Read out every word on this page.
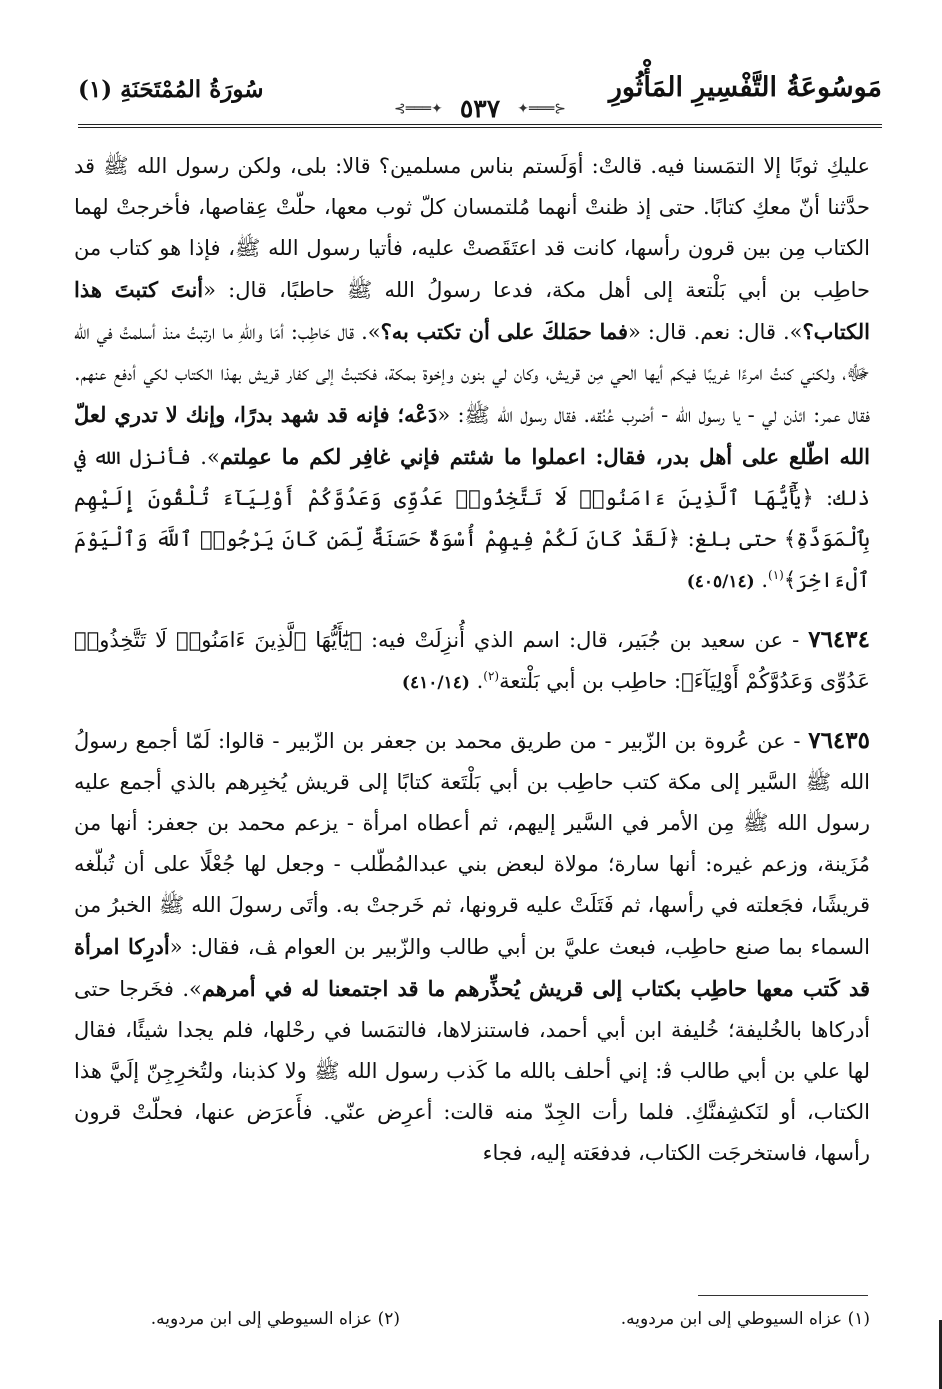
مَوسُوعَةُ التَّفْسِيرِ المَأْثُورِ
⊰═══✦ ٥٣٧ ✦═══⊱
سُورَةُ المُمْتَحَنَةِ (١)

عليكِ ثوبًا إلا التمَسنا فيه. قالتْ: أوَلَستم بناس مسلمين؟ قالا: بلى، ولكن رسول الله ﷺ قد حدَّثنا أنّ معكِ كتابًا. حتى إذ ظنتْ أنهما مُلتمسان كلّ ثوب معها، حلّتْ عِقاصها، فأخرجتْ لهما الكتاب مِن بين قرون رأسها، كانت قد اعتَقَصتْ عليه، فأتيا رسول الله ﷺ، فإذا هو كتاب من حاطِب بن أبي بَلْتعة إلى أهل مكة، فدعا رسولُ الله ﷺ حاطبًا، قال: «أنتَ كتبتَ هذا الكتاب؟». قال: نعم. قال: «فما حمَلكَ على أن تكتب به؟». قال حَاطِب: أمَا واللهِ ما ارتبتُ منذ أسلمتُ في الله ﷻ، ولكني كنتُ امرءًا غريبًا فيكم أيها الحي مِن قريش، وكان لي بنون وإخوة بمكة، فكتبتُ إلى كفار قريش بهذا الكتاب لكي أدفع عنهم. فقال عمر: ائذن لي - يا رسول الله - أضرب عُنُقه. فقال رسول الله ﷺ: «دَعْه؛ فإنه قد شهد بدرًا، وإنك لا تدري لعلّ الله اطّلع على أهل بدر، فقال: اعملوا ما شئتم فإني غافِر لكم ما عمِلتم». فأنزل الله في ذلك: ﴿يَٰٓأَيُّهَا ٱلَّذِينَ ءَامَنُوا۟ لَا تَتَّخِذُوا۟ عَدُوِّى وَعَدُوَّكُمْ أَوْلِيَآءَ تُلْقُونَ إِلَيْهِم بِٱلْمَوَدَّةِ﴾ حتى بلغ: ﴿لَقَدْ كَانَ لَكُمْ فِيهِمْ أُسْوَةٌ حَسَنَةٌ لِّمَن كَانَ يَرْجُوا۟ ٱللَّهَ وَٱلْيَوْمَ ٱلْءَاخِرَ﴾$^{(١)}$. (٤٠٥/١٤)

٧٦٤٣٤ - عن سعيد بن جُبَير، قال: اسم الذي أُنزِلَتْ فيه: ﴿يَٰٓأَيُّهَا ٱلَّذِينَ ءَامَنُوا۟ لَا تَتَّخِذُوا۟ عَدُوِّى وَعَدُوَّكُمْ أَوْلِيَآءَ﴾: حاطِب بن أبي بَلْتعة$^{(٢)}$. (٤١٠/١٤)

٧٦٤٣٥ - عن عُروة بن الزّبير - من طريق محمد بن جعفر بن الزّبير - قالوا: لَمّا أجمع رسولُ الله ﷺ السَّير إلى مكة كتب حاطِب بن أبي بَلْتَعة كتابًا إلى قريش يُخبِرهم بالذي أجمع عليه رسول الله ﷺ مِن الأمر في السَّير إليهم، ثم أعطاه امرأة - يزعم محمد بن جعفر: أنها من مُزَينة، وزعم غيره: أنها سارة؛ مولاة لبعض بني عبدالمُطّلب - وجعل لها جُعْلًا على أن تُبلّغه قريشًا، فجَعلته في رأسها، ثم فَتَلَتْ عليه قرونها، ثم خَرجتْ به. وأتَى رسولَ الله ﷺ الخبرُ من السماء بما صنع حاطِب، فبعث عليَّ بن أبي طالب والزّبير بن العوام ﭫ، فقال: «أدرِكا امرأة قد كَتب معها حاطِب بكتاب إلى قريش يُحذِّرهم ما قد اجتمعنا له في أمرهم». فخَرجا حتى أدركاها بالخُليفة؛ خُليفة ابن أبي أحمد، فاستنزلاها، فالتمَسا في رحْلها، فلم يجدا شيئًا، فقال لها علي بن أبي طالب ﭬ: إني أحلف بالله ما كَذب رسول الله ﷺ ولا كذبنا، ولتُخرِجِنّ إلَيَّ هذا الكتاب، أو لنَكشِفنَّكِ. فلما رأت الجِدّ منه قالت: أعرِض عنّي. فأَعرَض عنها، فحلّتْ قرون رأسها، فاستخرجَت الكتاب، فدفعَته إليه، فجاء

(١) عزاه السيوطي إلى ابن مردويه.
(٢) عزاه السيوطي إلى ابن مردويه.
